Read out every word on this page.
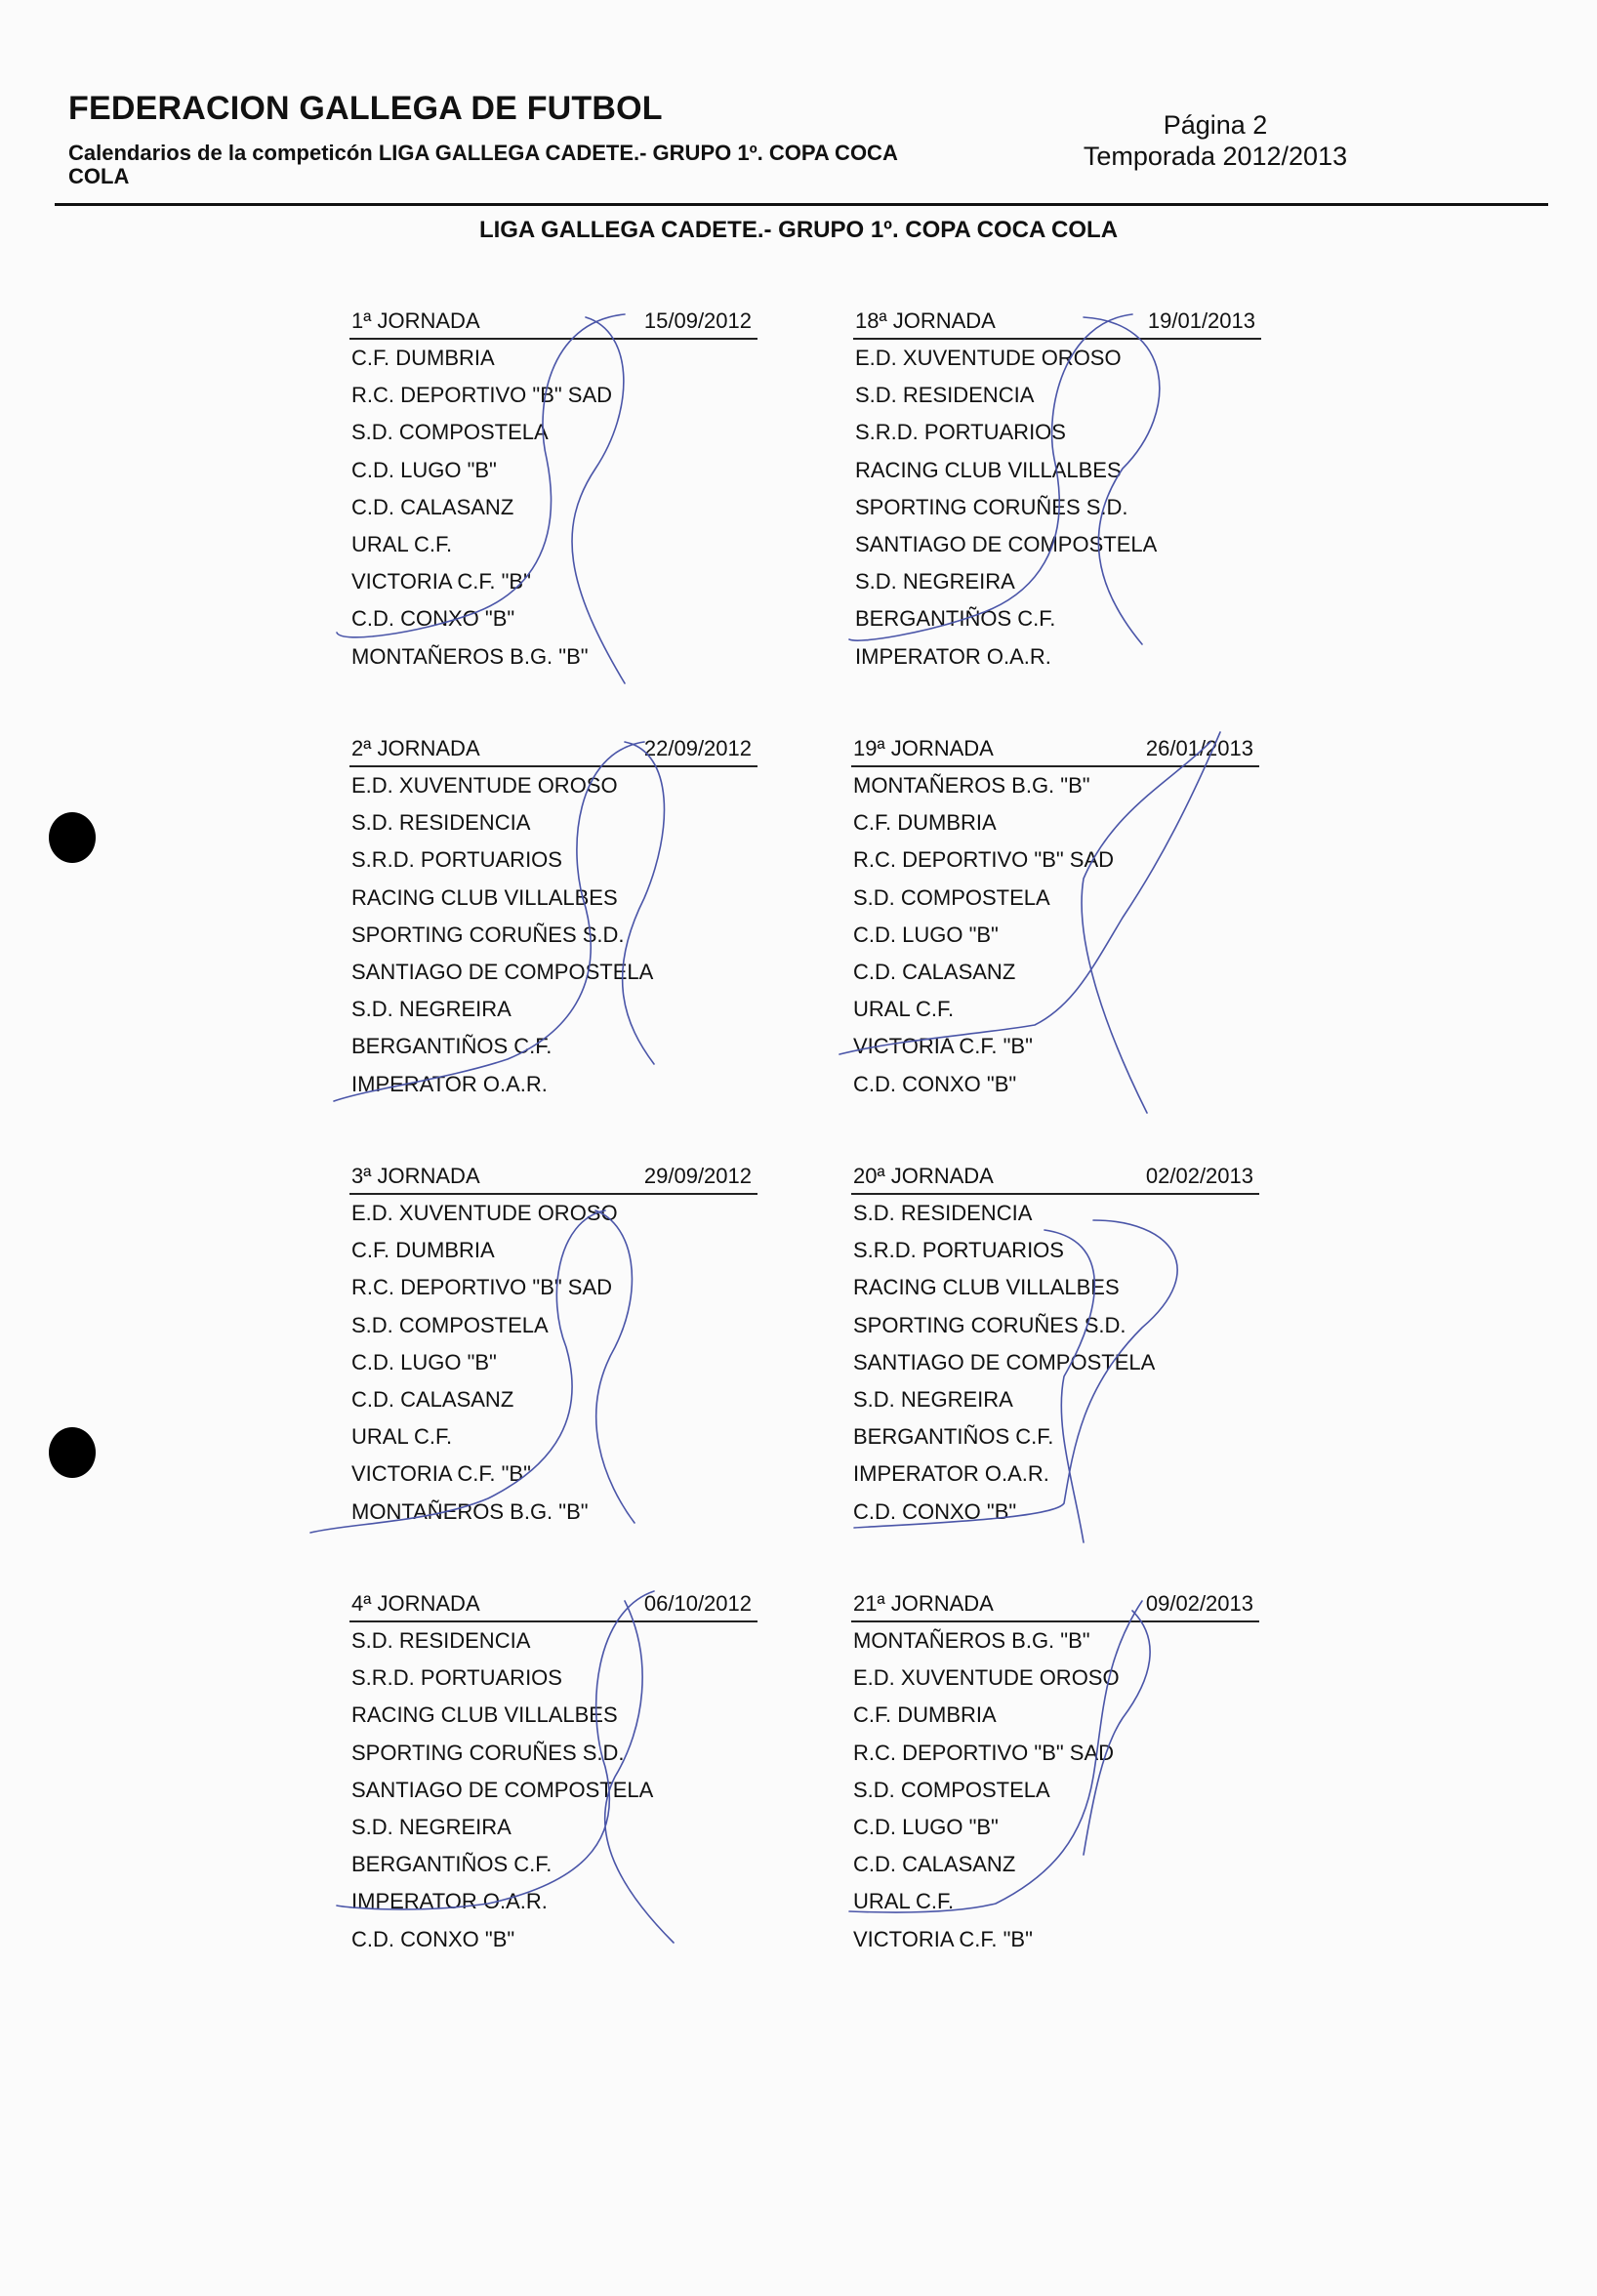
FEDERACION GALLEGA DE FUTBOL
Calendarios de la competicón LIGA GALLEGA CADETE.- GRUPO 1º. COPA COCA COLA
Página 2
Temporada 2012/2013
LIGA GALLEGA CADETE.- GRUPO 1º. COPA COCA COLA
1ª JORNADA	15/09/2012
C.F. DUMBRIA
R.C. DEPORTIVO "B" SAD
S.D. COMPOSTELA
C.D. LUGO "B"
C.D. CALASANZ
URAL C.F.
VICTORIA C.F. "B"
C.D. CONXO "B"
MONTAÑEROS B.G. "B"
18ª JORNADA	19/01/2013
E.D. XUVENTUDE OROSO
S.D. RESIDENCIA
S.R.D. PORTUARIOS
RACING CLUB VILLALBES
SPORTING CORUÑES S.D.
SANTIAGO DE COMPOSTELA
S.D. NEGREIRA
BERGANTIÑOS C.F.
IMPERATOR O.A.R.
2ª JORNADA	22/09/2012
E.D. XUVENTUDE OROSO
S.D. RESIDENCIA
S.R.D. PORTUARIOS
RACING CLUB VILLALBES
SPORTING CORUÑES S.D.
SANTIAGO DE COMPOSTELA
S.D. NEGREIRA
BERGANTIÑOS C.F.
IMPERATOR O.A.R.
19ª JORNADA	26/01/2013
MONTAÑEROS B.G. "B"
C.F. DUMBRIA
R.C. DEPORTIVO "B" SAD
S.D. COMPOSTELA
C.D. LUGO "B"
C.D. CALASANZ
URAL C.F.
VICTORIA C.F. "B"
C.D. CONXO "B"
3ª JORNADA	29/09/2012
E.D. XUVENTUDE OROSO
C.F. DUMBRIA
R.C. DEPORTIVO "B" SAD
S.D. COMPOSTELA
C.D. LUGO "B"
C.D. CALASANZ
URAL C.F.
VICTORIA C.F. "B"
MONTAÑEROS B.G. "B"
20ª JORNADA	02/02/2013
S.D. RESIDENCIA
S.R.D. PORTUARIOS
RACING CLUB VILLALBES
SPORTING CORUÑES S.D.
SANTIAGO DE COMPOSTELA
S.D. NEGREIRA
BERGANTIÑOS C.F.
IMPERATOR O.A.R.
C.D. CONXO "B"
4ª JORNADA	06/10/2012
S.D. RESIDENCIA
S.R.D. PORTUARIOS
RACING CLUB VILLALBES
SPORTING CORUÑES S.D.
SANTIAGO DE COMPOSTELA
S.D. NEGREIRA
BERGANTIÑOS C.F.
IMPERATOR O.A.R.
C.D. CONXO "B"
21ª JORNADA	09/02/2013
MONTAÑEROS B.G. "B"
E.D. XUVENTUDE OROSO
C.F. DUMBRIA
R.C. DEPORTIVO "B" SAD
S.D. COMPOSTELA
C.D. LUGO "B"
C.D. CALASANZ
URAL C.F.
VICTORIA C.F. "B"
